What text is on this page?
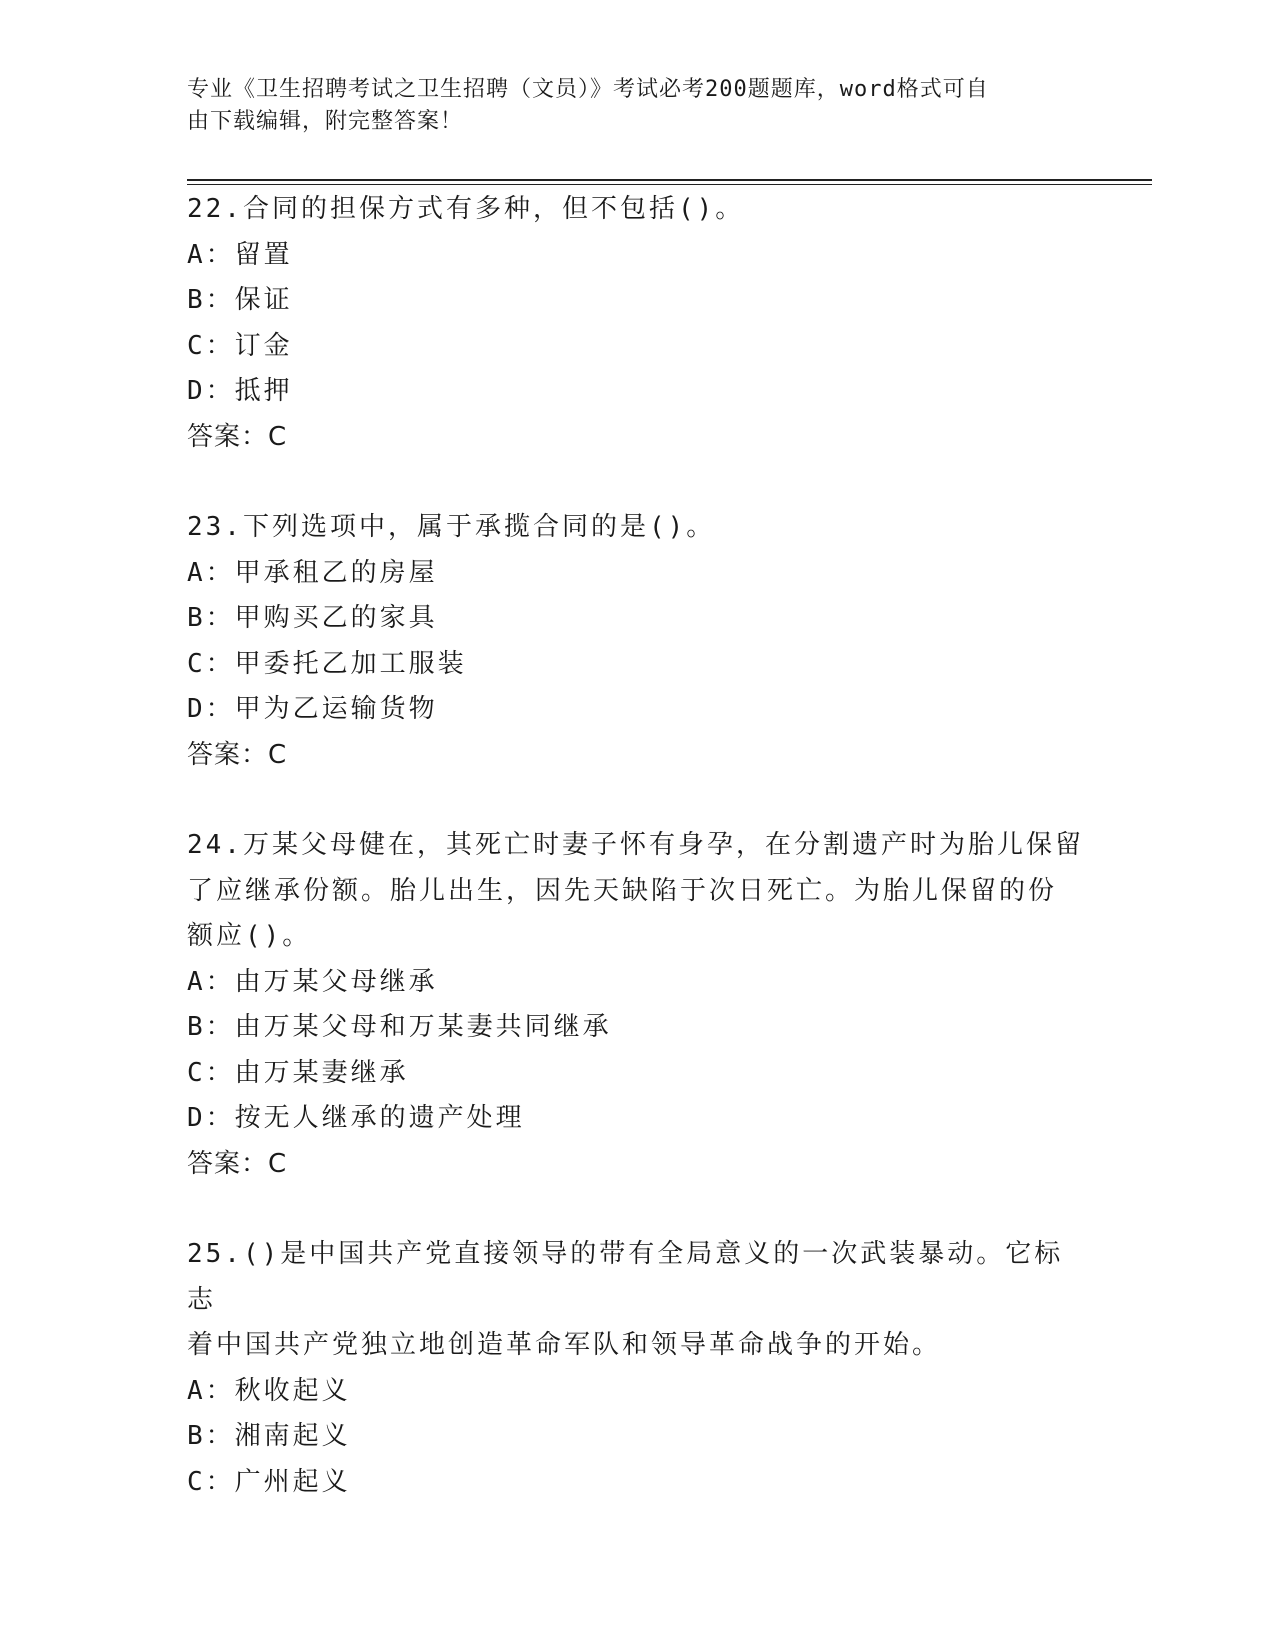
专业《卫生招聘考试之卫生招聘（文员）》考试必考200题题库，word格式可自
由下载编辑，附完整答案！
22.合同的担保方式有多种，但不包括()。
A：留置
B：保证
C：订金
D：抵押
答案：C
23.下列选项中，属于承揽合同的是()。
A：甲承租乙的房屋
B：甲购买乙的家具
C：甲委托乙加工服装
D：甲为乙运输货物
答案：C
24.万某父母健在，其死亡时妻子怀有身孕，在分割遗产时为胎儿保留
了应继承份额。胎儿出生，因先天缺陷于次日死亡。为胎儿保留的份
额应()。
A：由万某父母继承
B：由万某父母和万某妻共同继承
C：由万某妻继承
D：按无人继承的遗产处理
答案：C
25.()是中国共产党直接领导的带有全局意义的一次武装暴动。它标志
着中国共产党独立地创造革命军队和领导革命战争的开始。
A：秋收起义
B：湘南起义
C：广州起义
